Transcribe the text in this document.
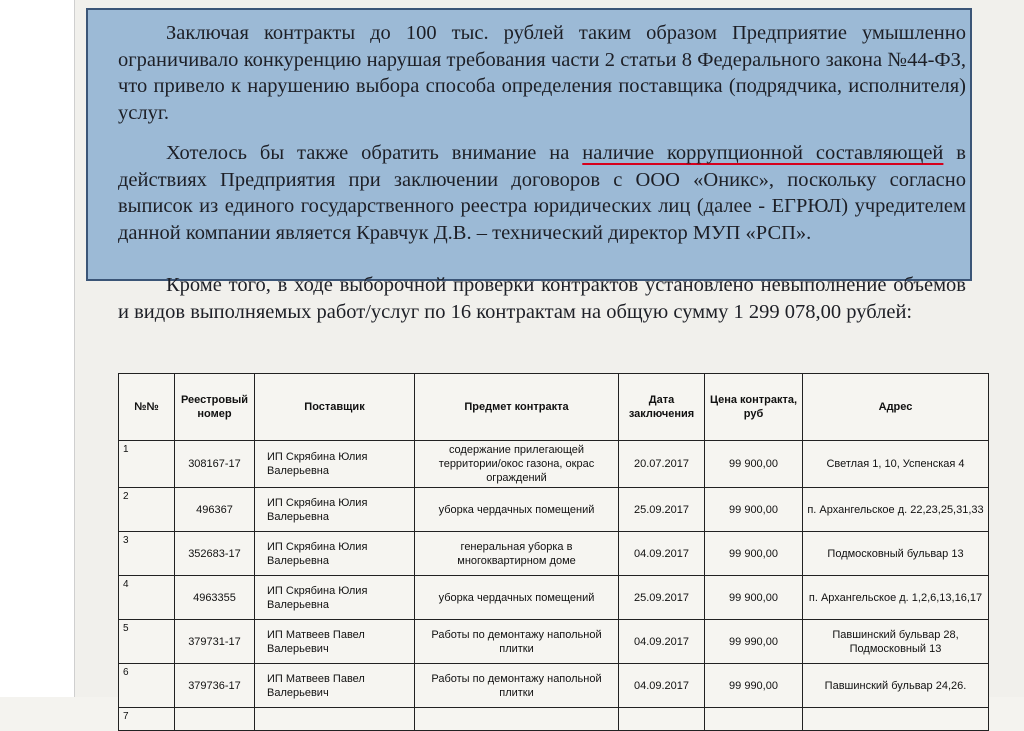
Заключая контракты до 100 тыс. рублей таким образом Предприятие умышленно ограничивало конкуренцию нарушая требования части 2 статьи 8 Федерального закона №44-ФЗ, что привело к нарушению выбора способа определения поставщика (подрядчика, исполнителя) услуг.

Хотелось бы также обратить внимание на наличие коррупционной составляющей в действиях Предприятия при заключении договоров с ООО «Оникс», поскольку согласно выписок из единого государственного реестра юридических лиц (далее - ЕГРЮЛ) учредителем данной компании является Кравчук Д.В. – технический директор МУП «РСП».

Кроме того, в ходе выборочной проверки контрактов установлено невыполнение объемов и видов выполняемых работ/услуг по 16 контрактам на общую сумму 1 299 078,00 рублей:

№№	Реестровый номер	Поставщик	Предмет контракта	Дата заключения	Цена контракта, руб	Адрес
1	308167-17	ИП Скрябина Юлия Валерьевна	содержание прилегающей территории/окос газона, окрас ограждений	20.07.2017	99 900,00	Светлая 1, 10, Успенская 4
2	496367	ИП Скрябина Юлия Валерьевна	уборка чердачных помещений	25.09.2017	99 900,00	п. Архангельское д. 22,23,25,31,33
3	352683-17	ИП Скрябина Юлия Валерьевна	генеральная уборка в многоквартирном доме	04.09.2017	99 900,00	Подмосковный бульвар 13
4	4963355	ИП Скрябина Юлия Валерьевна	уборка чердачных помещений	25.09.2017	99 900,00	п. Архангельское д. 1,2,6,13,16,17
5	379731-17	ИП Матвеев Павел Валерьевич	Работы по демонтажу напольной плитки	04.09.2017	99 990,00	Павшинский бульвар 28, Подмосковный 13
6	379736-17	ИП Матвеев Павел Валерьевич	Работы по демонтажу напольной плитки	04.09.2017	99 990,00	Павшинский бульвар 24,26.
7						
